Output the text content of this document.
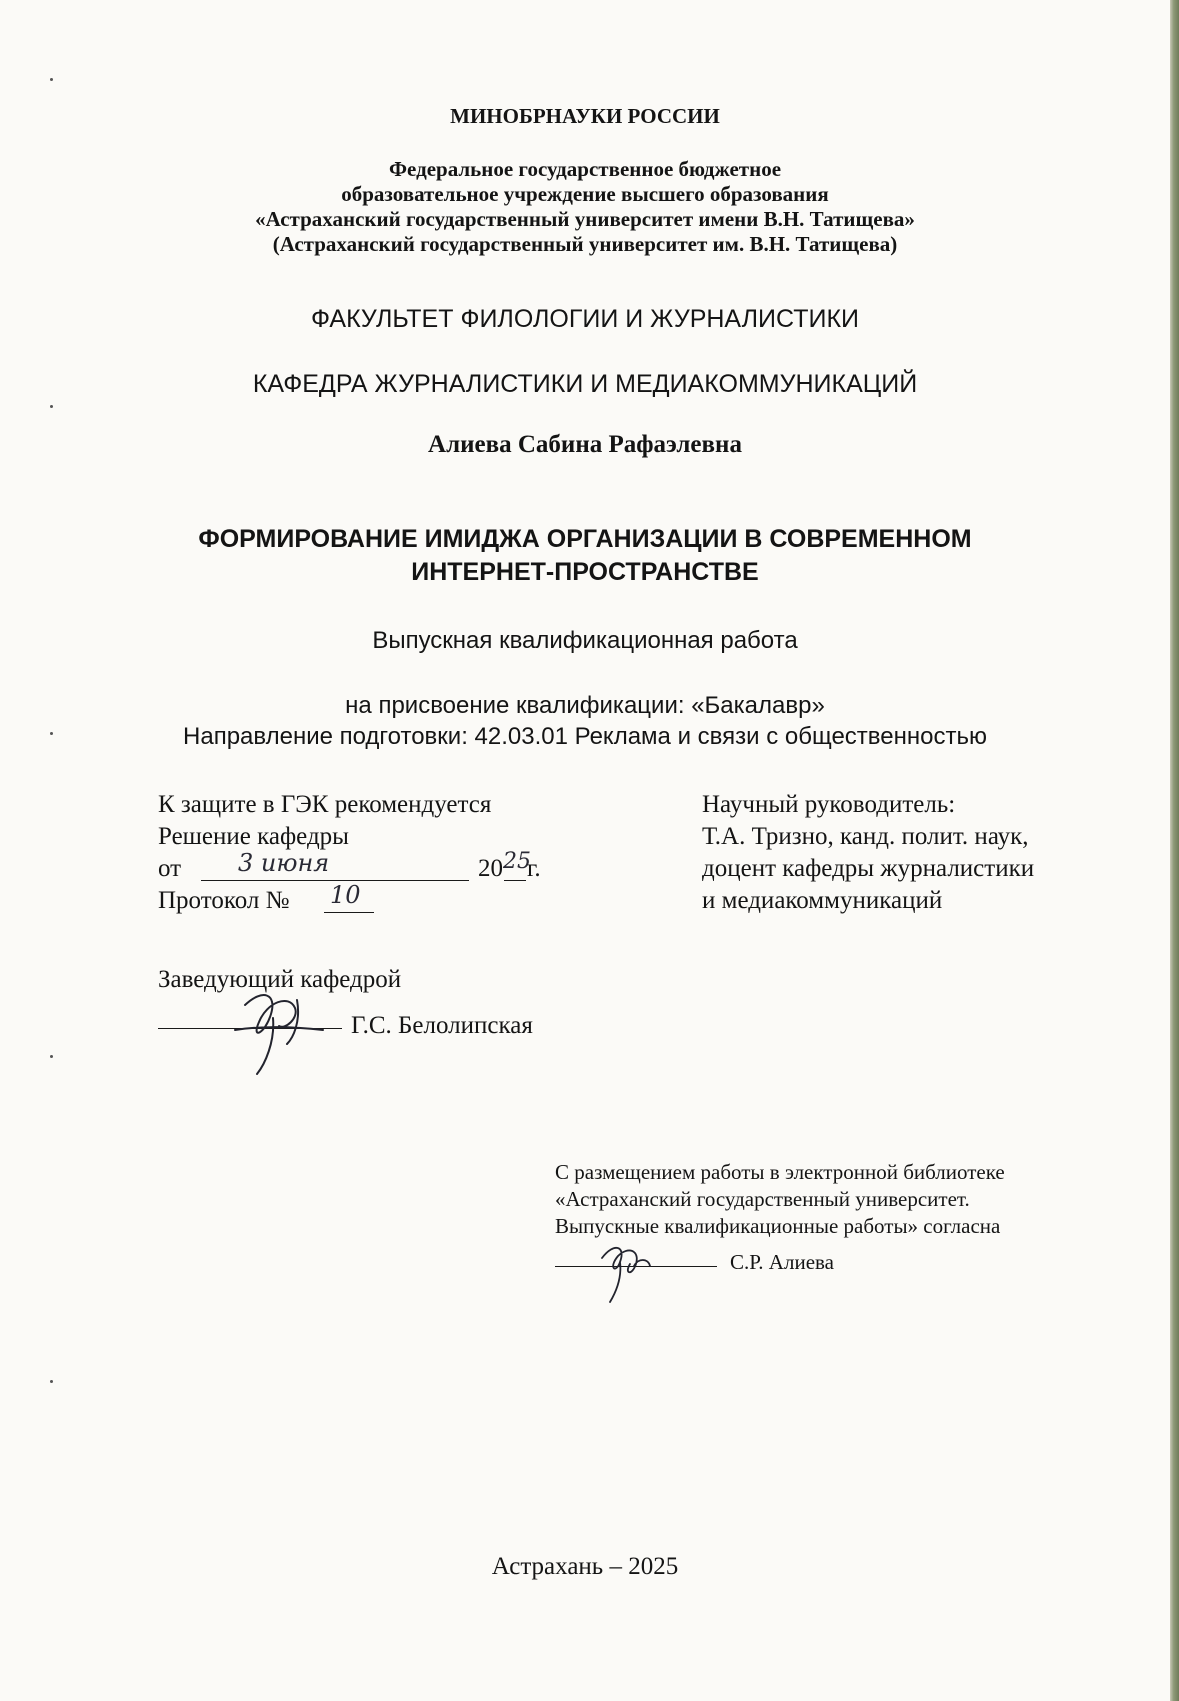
МИНОБРНАУКИ РОССИИ
Федеральное государственное бюджетное
образовательное учреждение высшего образования
«Астраханский государственный университет имени В.Н. Татищева»
(Астраханский государственный университет им. В.Н. Татищева)
ФАКУЛЬТЕТ ФИЛОЛОГИИ И ЖУРНАЛИСТИКИ
КАФЕДРА ЖУРНАЛИСТИКИ И МЕДИАКОММУНИКАЦИЙ
Алиева Сабина Рафаэлевна
ФОРМИРОВАНИЕ ИМИДЖА ОРГАНИЗАЦИИ В СОВРЕМЕННОМ
ИНТЕРНЕТ-ПРОСТРАНСТВЕ
Выпускная квалификационная работа
на присвоение квалификации: «Бакалавр»
Направление подготовки: 42.03.01 Реклама и связи с общественностью
К защите в ГЭК рекомендуется
Решение кафедры
от 3 июня	20 25
г.
Протокол № 10
Заведующий кафедрой
Г.С. Белолипская
Научный руководитель:
Т.А. Тризно, канд. полит. наук,
доцент кафедры журналистики
и медиакоммуникаций
С размещением работы в электронной библиотеке
«Астраханский государственный университет.
Выпускные квалификационные работы» согласна
С.Р. Алиева
Астрахань – 2025
